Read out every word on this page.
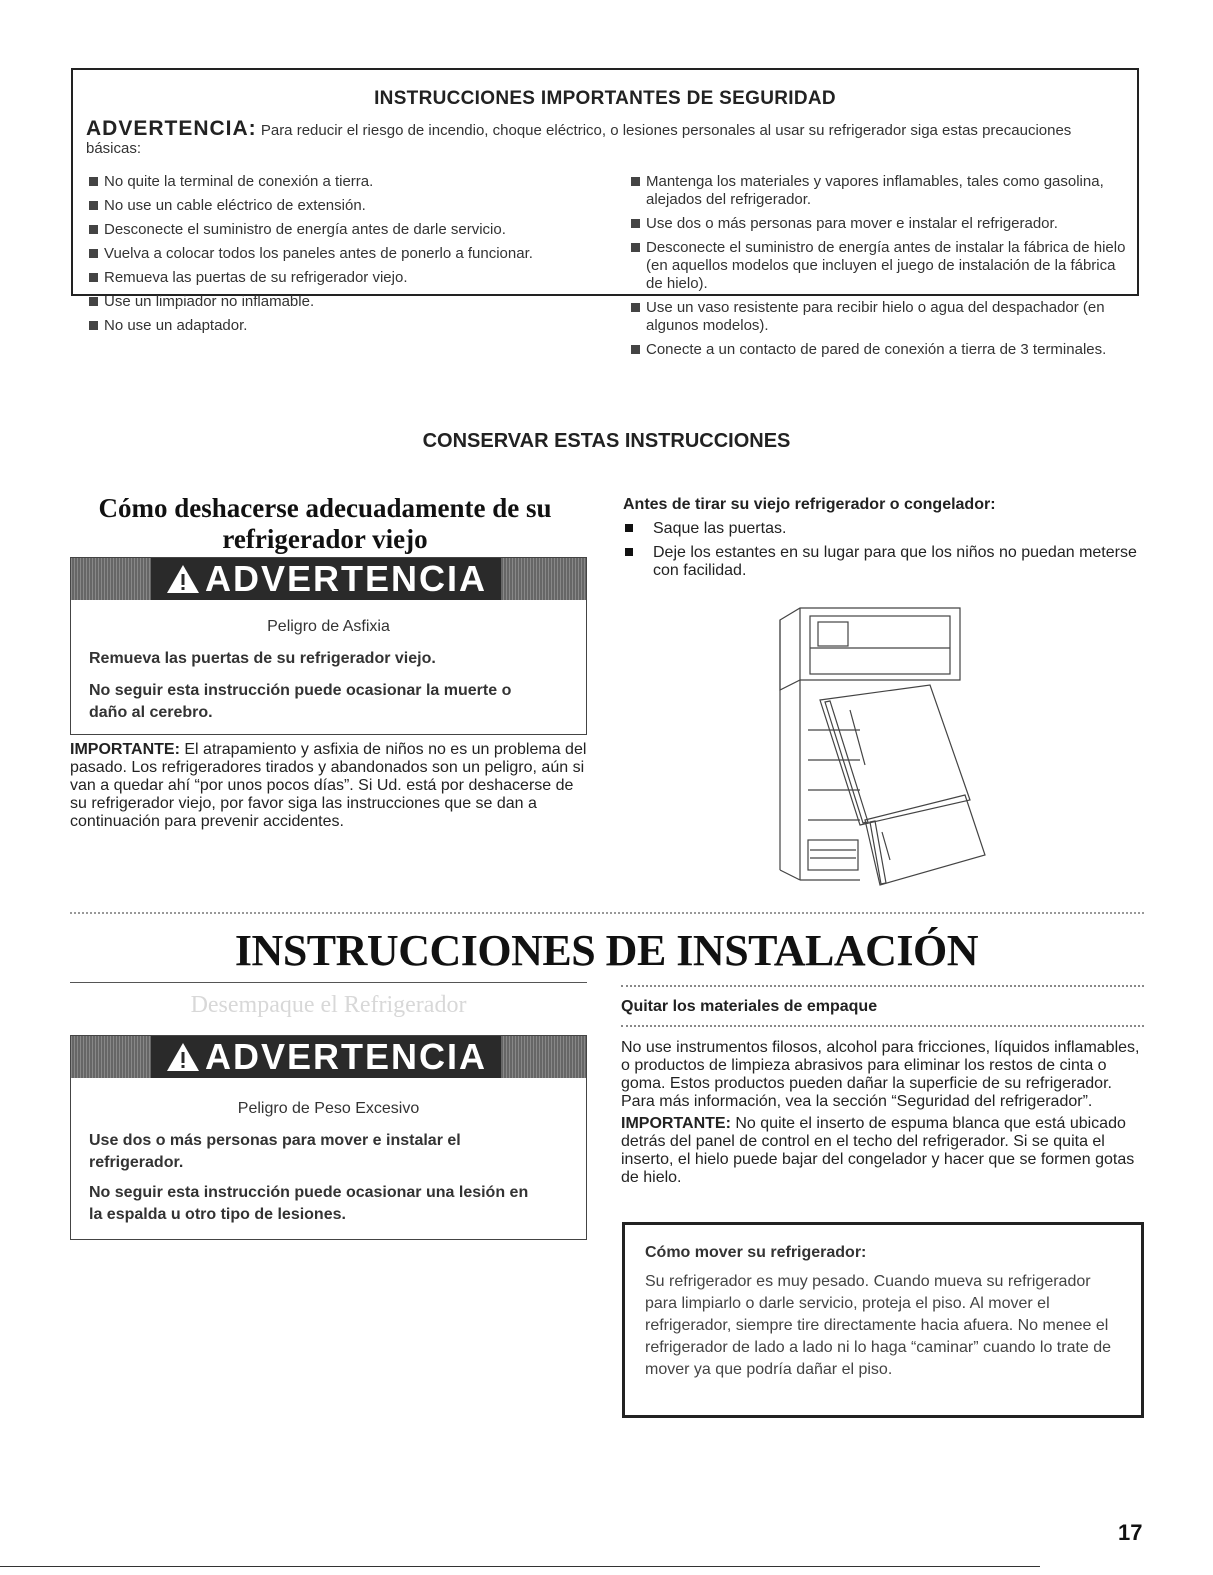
INSTRUCCIONES IMPORTANTES DE SEGURIDAD
ADVERTENCIA: Para reducir el riesgo de incendio, choque eléctrico, o lesiones personales al usar su refrigerador siga estas precauciones básicas:
No quite la terminal de conexión a tierra.
No use un cable eléctrico de extensión.
Desconecte el suministro de energía antes de darle servicio.
Vuelva a colocar todos los paneles antes de ponerlo a funcionar.
Remueva las puertas de su refrigerador viejo.
Use un limpiador no inflamable.
No use un adaptador.
Mantenga los materiales y vapores inflamables, tales como gasolina, alejados del refrigerador.
Use dos o más personas para mover e instalar el refrigerador.
Desconecte el suministro de energía antes de instalar la fábrica de hielo (en aquellos modelos que incluyen el juego de instalación de la fábrica de hielo).
Use un vaso resistente para recibir hielo o agua del despachador (en algunos modelos).
Conecte a un contacto de pared de conexión a tierra de 3 terminales.
CONSERVAR ESTAS INSTRUCCIONES
Cómo deshacerse adecuadamente de su refrigerador viejo
ADVERTENCIA
Peligro de Asfixia
Remueva las puertas de su refrigerador viejo.
No seguir esta instrucción puede ocasionar la muerte o daño al cerebro.
IMPORTANTE: El atrapamiento y asfixia de niños no es un problema del pasado. Los refrigeradores tirados y abandonados son un peligro, aún si van a quedar ahí “por unos pocos días”. Si Ud. está por deshacerse de su refrigerador viejo, por favor siga las instrucciones que se dan a continuación para prevenir accidentes.
Antes de tirar su viejo refrigerador o congelador:
Saque las puertas.
Deje los estantes en su lugar para que los niños no puedan meterse con facilidad.
INSTRUCCIONES DE INSTALACIÓN
Desempaque el Refrigerador
ADVERTENCIA
Peligro de Peso Excesivo
Use dos o más personas para mover e instalar el refrigerador.
No seguir esta instrucción puede ocasionar una lesión en la espalda u otro tipo de lesiones.
Quitar los materiales de empaque

No use instrumentos filosos, alcohol para fricciones, líquidos inflamables, o productos de limpieza abrasivos para eliminar los restos de cinta o goma. Estos productos pueden dañar la superficie de su refrigerador. Para más información, vea la sección “Seguridad del refrigerador”.

IMPORTANTE: No quite el inserto de espuma blanca que está ubicado detrás del panel de control en el techo del refrigerador. Si se quita el inserto, el hielo puede bajar del congelador y hacer que se formen gotas de hielo.

Cómo mover su refrigerador:
Su refrigerador es muy pesado. Cuando mueva su refrigerador para limpiarlo o darle servicio, proteja el piso. Al mover el refrigerador, siempre tire directamente hacia afuera. No menee el refrigerador de lado a lado ni lo haga “caminar” cuando lo trate de mover ya que podría dañar el piso.
17
